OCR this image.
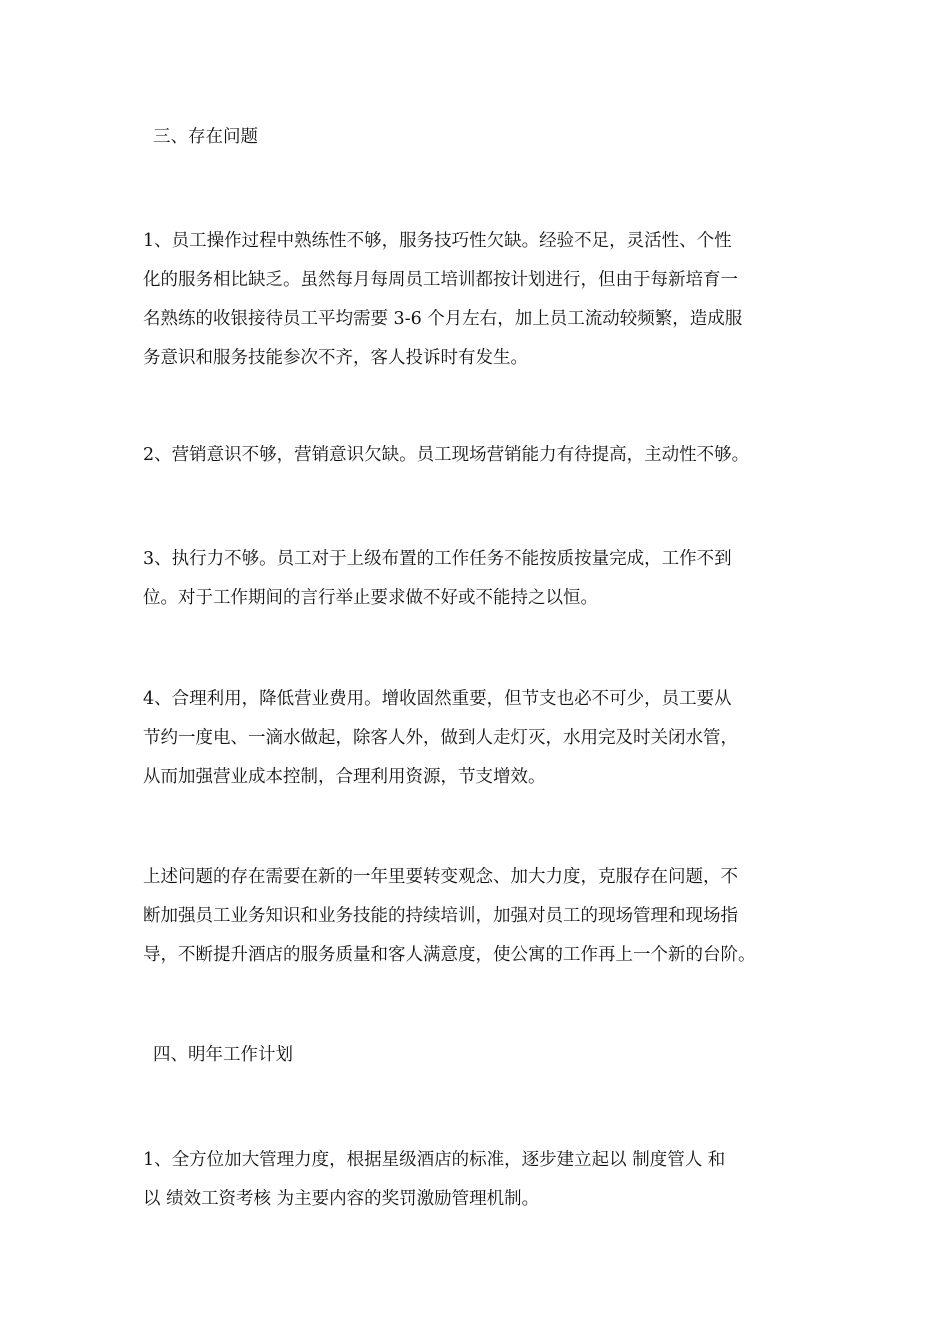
三、存在问题
1、员工操作过程中熟练性不够，服务技巧性欠缺。经验不足，灵活性、个性
化的服务相比缺乏。虽然每月每周员工培训都按计划进行，但由于每新培育一
名熟练的收银接待员工平均需要 3-6 个月左右，加上员工流动较频繁，造成服
务意识和服务技能参次不齐，客人投诉时有发生。
2、营销意识不够，营销意识欠缺。员工现场营销能力有待提高，主动性不够。
3、执行力不够。员工对于上级布置的工作任务不能按质按量完成，工作不到
位。对于工作期间的言行举止要求做不好或不能持之以恒。
4、合理利用，降低营业费用。增收固然重要，但节支也必不可少，员工要从
节约一度电、一滴水做起，除客人外，做到人走灯灭，水用完及时关闭水管，
从而加强营业成本控制，合理利用资源，节支增效。
上述问题的存在需要在新的一年里要转变观念、加大力度，克服存在问题，不
断加强员工业务知识和业务技能的持续培训，加强对员工的现场管理和现场指
导，不断提升酒店的服务质量和客人满意度，使公寓的工作再上一个新的台阶。
四、明年工作计划
1、全方位加大管理力度，根据星级酒店的标准，逐步建立起以 制度管人 和
以 绩效工资考核 为主要内容的奖罚激励管理机制。
